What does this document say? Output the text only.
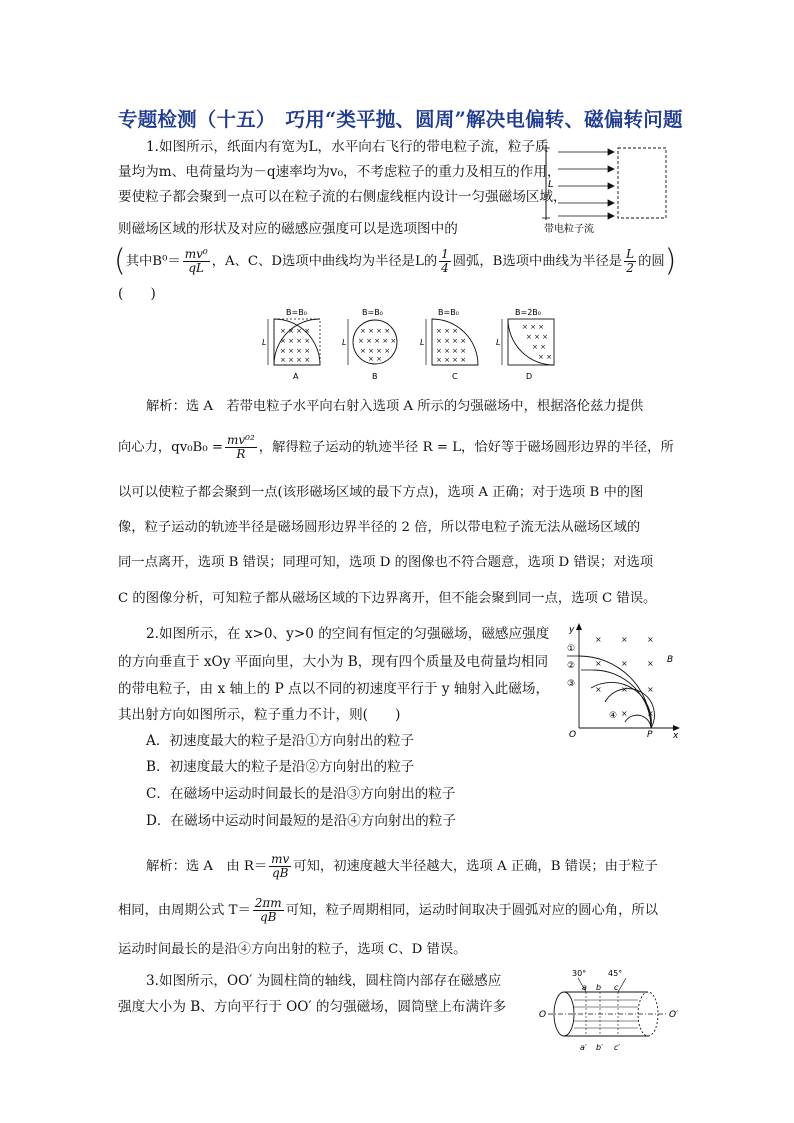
专题检测（十五）　巧用“类平抛、圆周”解决电偏转、磁偏转问题
1.如图所示，纸面内有宽为L，水平向右飞行的带电粒子流，粒子质
量均为m、电荷量均为－q速率均为v₀，不考虑粒子的重力及相互的作用，
要使粒子都会聚到一点可以在粒子流的右侧虚线框内设计一匀强磁场区域，
则磁场区域的形状及对应的磁感应强度可以是选项图中的
(其中$B^0= \frac{\text{mv⁰}}{qL}$ ，A、C、D选项中曲线均为半径是L的 $\frac{1}{4}$ 圆弧，B选项中曲线为半径是 $\frac{L}{2}$ 的圆)
(　　)
L
带电粒子流
B=B₀
L
× × × ×
× × × ×
× × × ×
× × × ×
A
B=B₀
L
× × × ×
× × × × ×
× × × ×
× ×
B
B=B₀
L
× × ×
× × × ×
× × × ×
× × × ×
C
B=2B₀
L
× × ×
× × ×
× ×
× ×
D
解析：选 A　若带电粒子水平向右射入选项 A 所示的匀强磁场中，根据洛伦兹力提供
向心力，$qv_0B_0 = \frac{\text{mv⁰²}}{R}$ ，解得粒子运动的轨迹半径 R = L，恰好等于磁场圆形边界的半径，所
以可以使粒子都会聚到一点(该形磁场区域的最下方点)，选项 A 正确；对于选项 B 中的图
像，粒子运动的轨迹半径是磁场圆形边界半径的 2 倍，所以带电粒子流无法从磁场区域的
同一点离开，选项 B 错误；同理可知，选项 D 的图像也不符合题意，选项 D 错误；对选项
C 的图像分析，可知粒子都从磁场区域的下边界离开，但不能会聚到同一点，选项 C 错误。
2.如图所示，在 x>0、y>0 的空间有恒定的匀强磁场，磁感应强度
的方向垂直于 xOy 平面向里，大小为 B，现有四个质量及电荷量均相同
的带电粒子，由 x 轴上的 P 点以不同的初速度平行于 y 轴射入此磁场，
其出射方向如图所示，粒子重力不计，则(　　)
A．初速度最大的粒子是沿①方向射出的粒子
B．初速度最大的粒子是沿②方向射出的粒子
C．在磁场中运动时间最长的是沿③方向射出的粒子
D．在磁场中运动时间最短的是沿④方向射出的粒子
y
x
O	P
B
× × ×
× × ×
× × ×
× ×
①
②
③
④
解析：选 A　由 $R= \frac{mv}{qB}$ 可知，初速度越大半径越大，选项 A 正确，B 错误；由于粒子
相同，由周期公式 $T= \frac{2\pi m}{qB}$ 可知，粒子周期相同，运动时间取决于圆弧对应的圆心角，所以
运动时间最长的是沿④方向出射的粒子，选项 C、D 错误。
3.如图所示，OO′ 为圆柱筒的轴线，圆柱筒内部存在磁感应
强度大小为 B、方向平行于 OO′ 的匀强磁场，圆筒壁上布满许多
30°	45°
a b c
O	O′
a′ b′ c′
